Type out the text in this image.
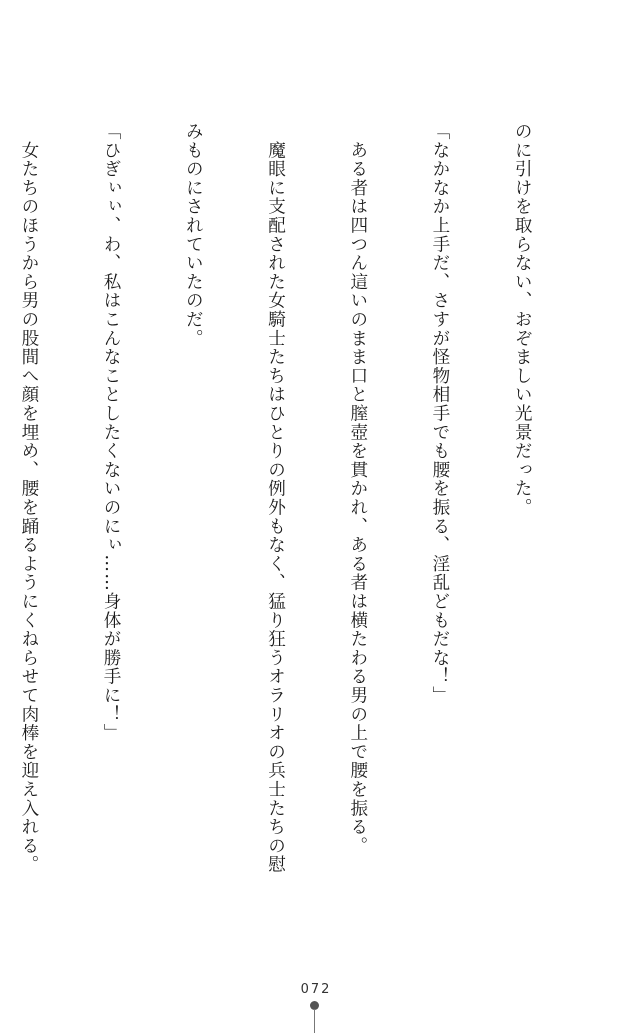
のに引けを取らない、おぞましい光景だった。

「なかなか上手だ、さすが怪物相手でも腰を振る、淫乱どもだな！」

　ある者は四つん這いのまま口と膣壺を貫かれ、ある者は横たわる男の上で腰を振る。

　魔眼に支配された女騎士たちはひとりの例外もなく、猛り狂うオラリオの兵士たちの慰

みものにされていたのだ。

「ひぎぃぃ、わ、私はこんなことしたくないのにぃ……身体が勝手に！」

　女たちのほうから男の股間へ顔を埋め、腰を踊るようにくねらせて肉棒を迎え入れる。

072
